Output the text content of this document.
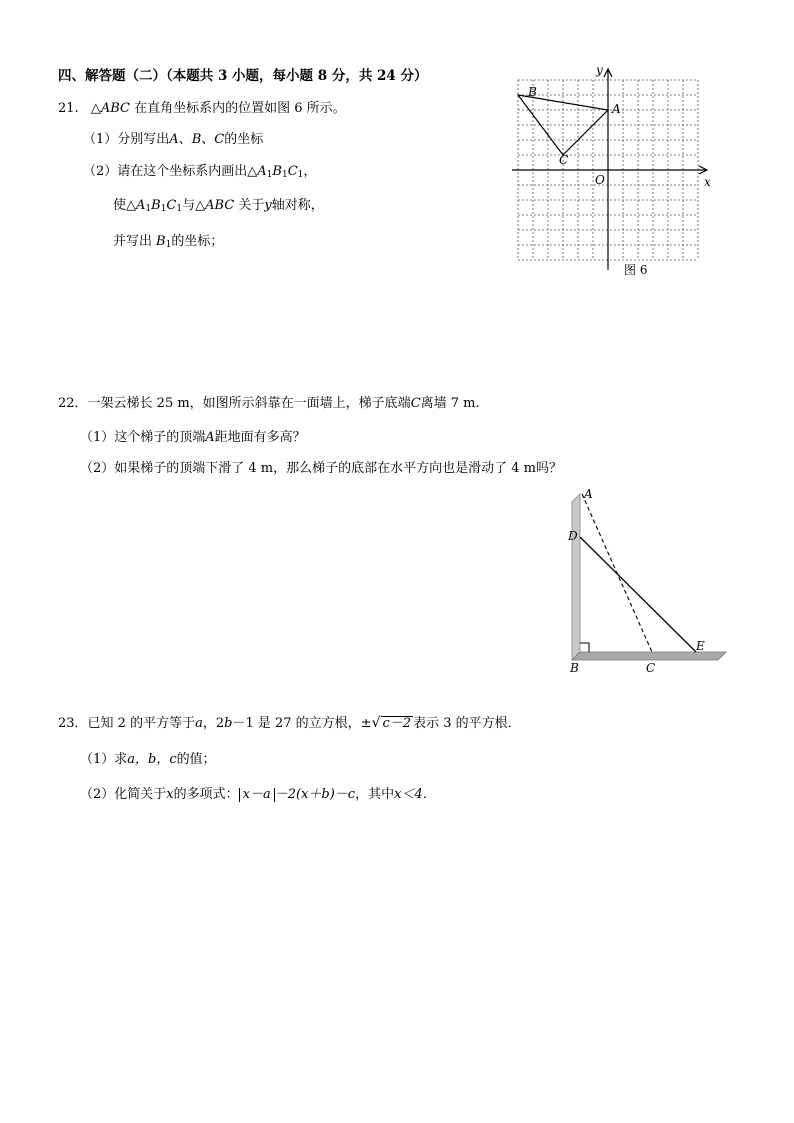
四、解答题（二）（本题共 3 小题，每小题 8 分，共 24 分）
21. △ABC 在直角坐标系内的位置如图 6 所示。
（1）分别写出A、B、C的坐标
（2）请在这个坐标系内画出$\triangle A_1B_1C_1$，
使$\triangle A_1B_1C_1$与△ABC 关于y轴对称，
并写出 $B_1$的坐标；
B
A
C
O	x
y
图 6
22．一架云梯长 25 m，如图所示斜靠在一面墙上，梯子底端C离墙 7 m.
（1）这个梯子的顶端A距地面有多高？
（2）如果梯子的顶端下滑了 4 m，那么梯子的底部在水平方向也是滑动了 4 m吗？
A
D
B	C
E
23．已知 2 的平方等于a，2b－1 是 27 的立方根，±√ c－2 表示 3 的平方根．
（1）求a，b，c的值；
（2）化简关于x的多项式： x－a －2(x＋b)－c，其中x＜4．
